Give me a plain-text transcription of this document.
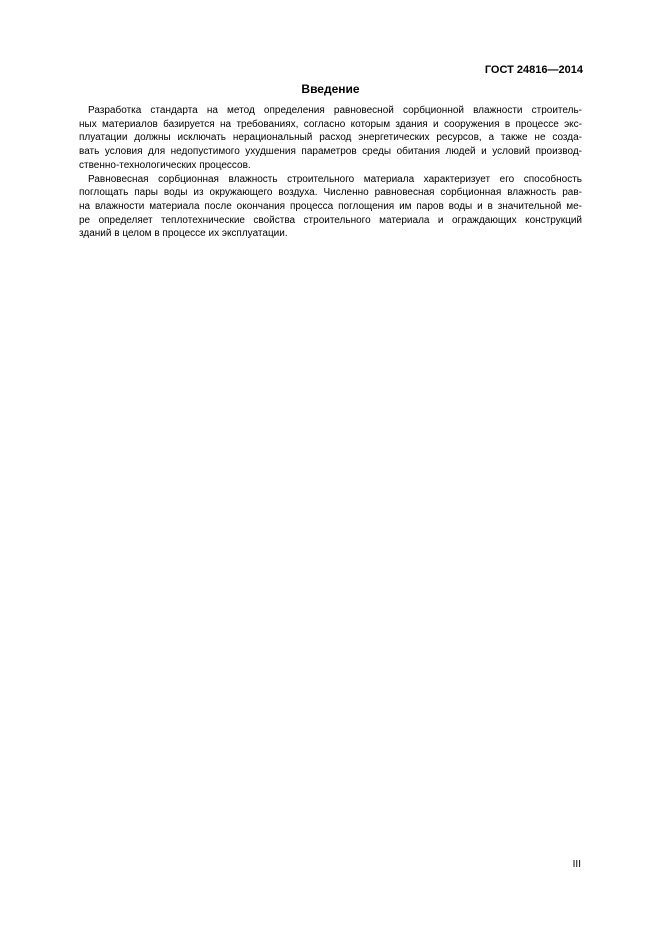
ГОСТ 24816—2014
Введение
Разработка стандарта на метод определения равновесной сорбционной влажности строитель-
ных материалов базируется на требованиях, согласно которым здания и сооружения в процессе экс-
плуатации должны исключать нерациональный расход энергетических ресурсов, а также не созда-
вать условия для недопустимого ухудшения параметров среды обитания людей и условий производ-
ственно-технологических процессов.
Равновесная сорбционная влажность строительного материала характеризует его способность
поглощать пары воды из окружающего воздуха. Численно равновесная сорбционная влажность рав-
на влажности материала после окончания процесса поглощения им паров воды и в значительной ме-
ре определяет теплотехнические свойства строительного материала и ограждающих конструкций
зданий в целом в процессе их эксплуатации.
III
